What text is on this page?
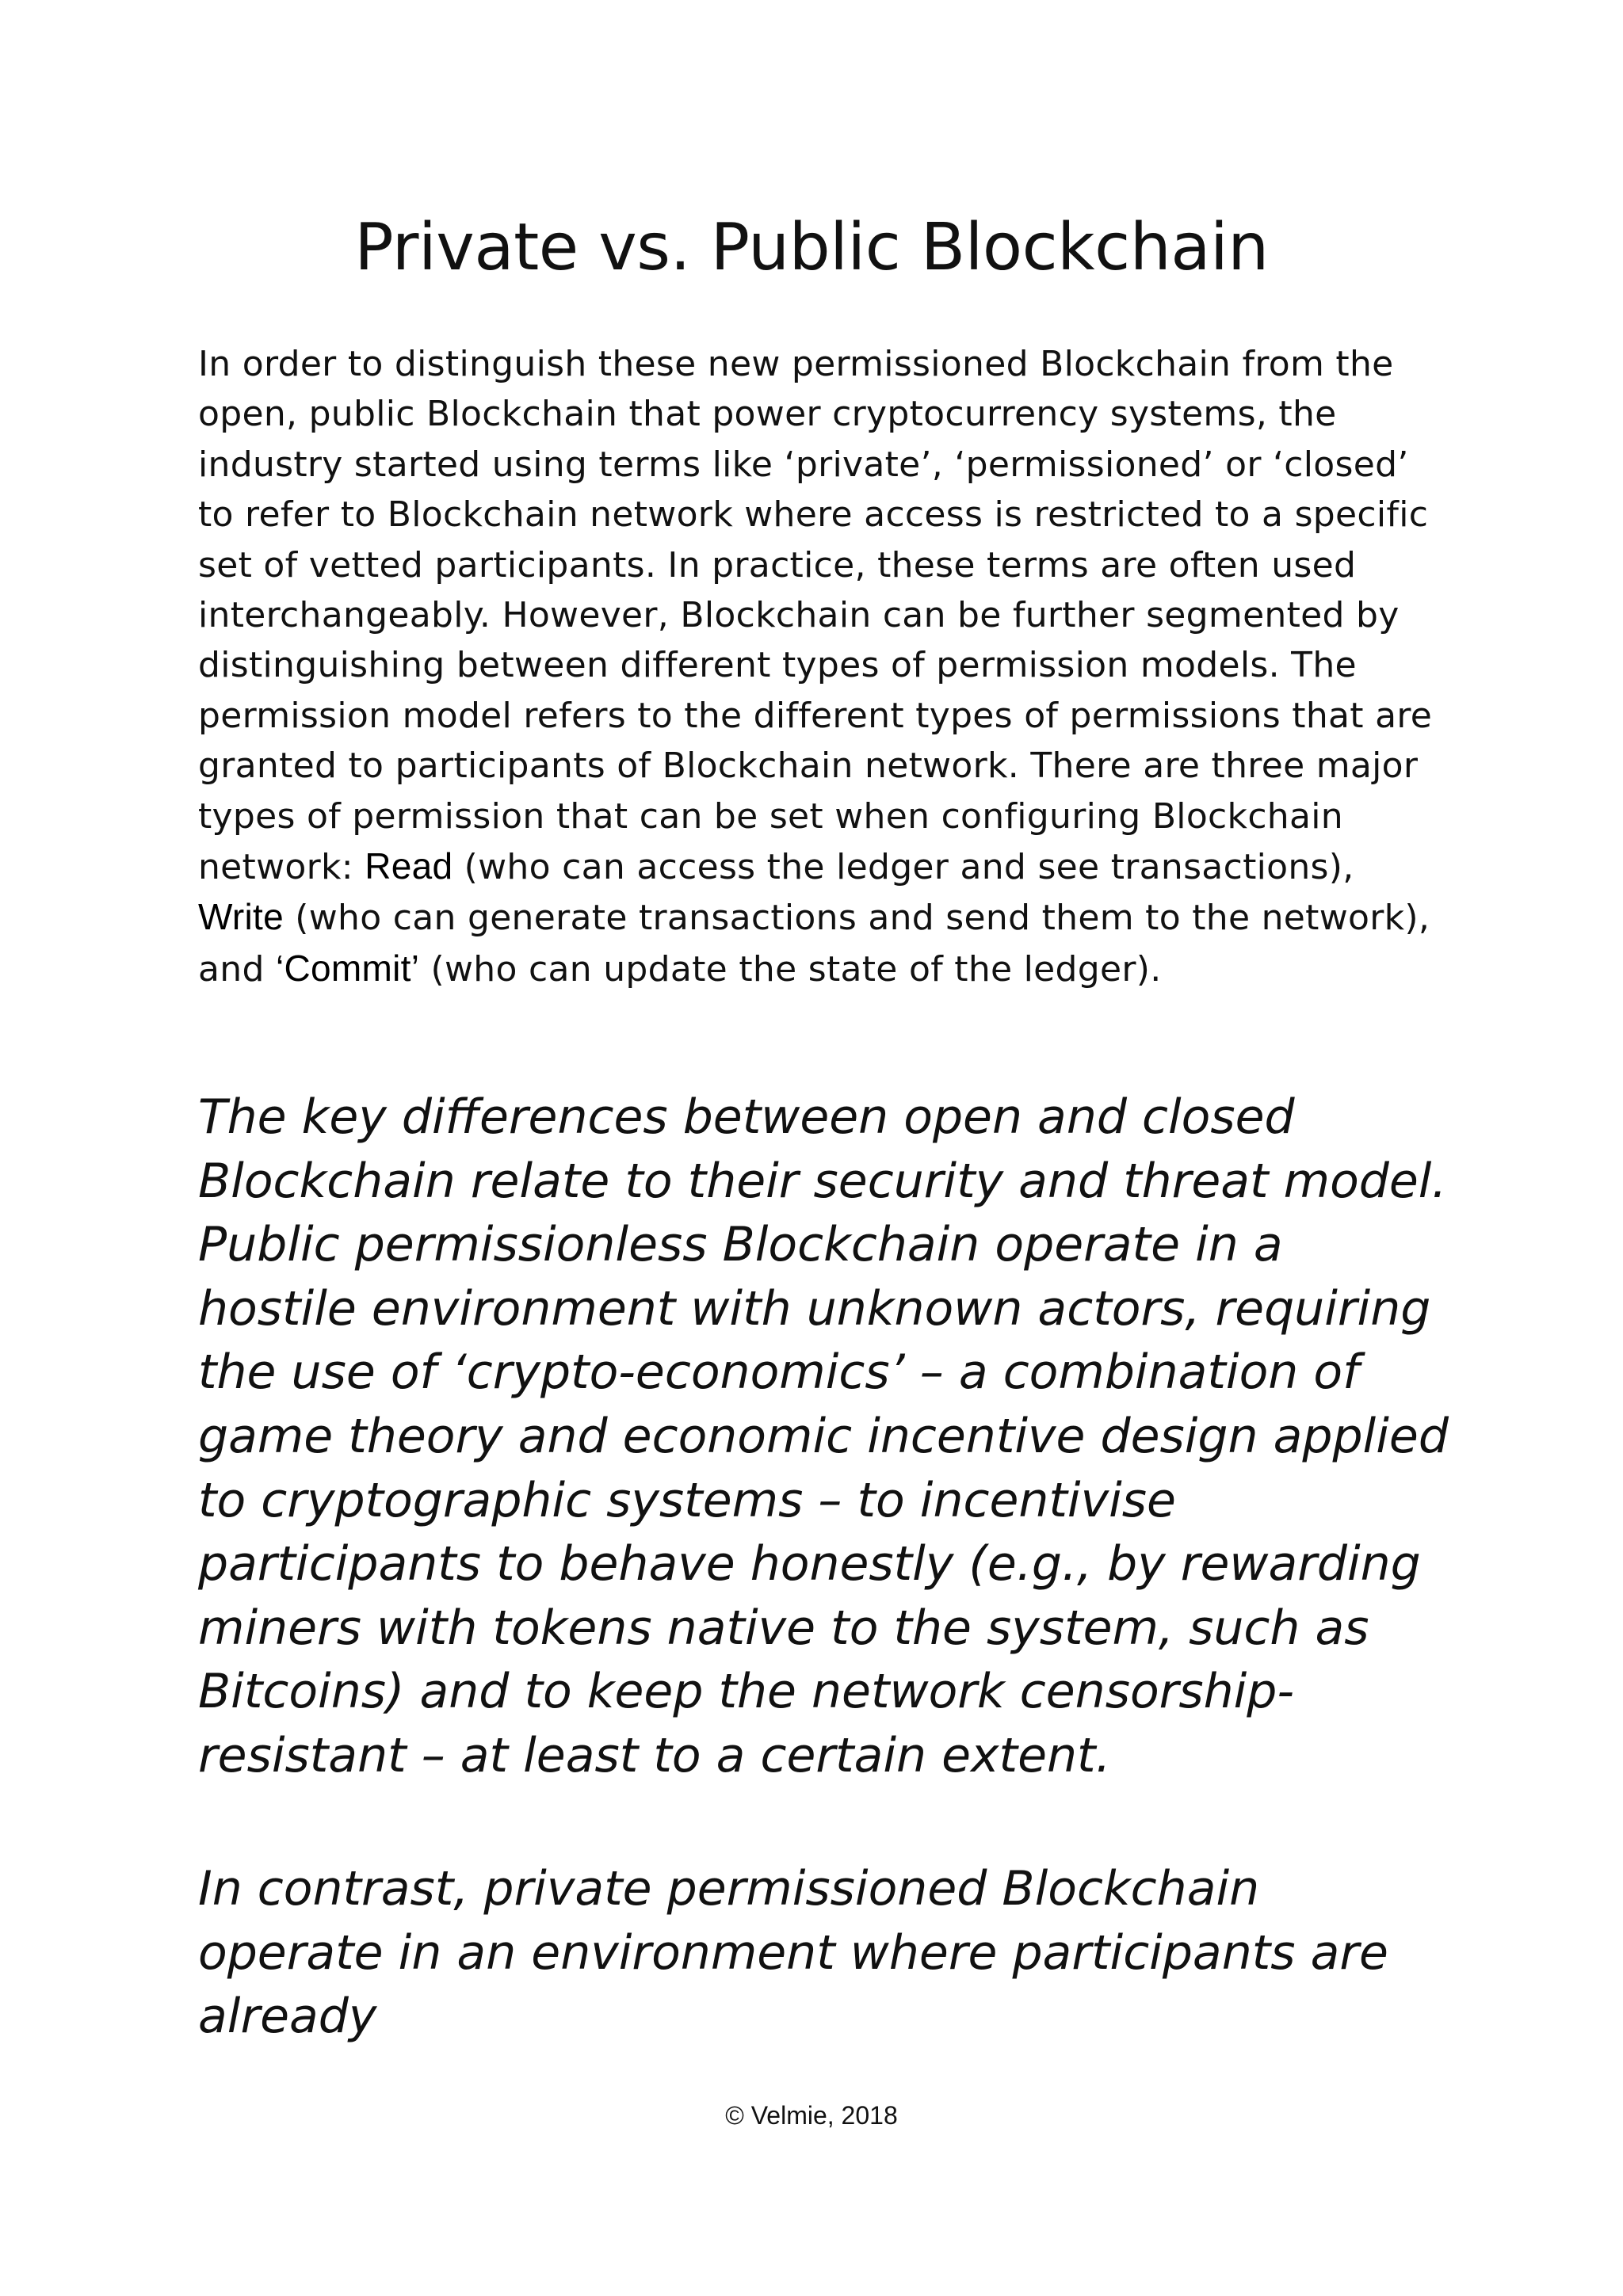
Private vs. Public Blockchain

In order to distinguish these new permissioned Blockchain from the open, public Blockchain that power cryptocurrency systems, the industry started using terms like ‘private’, ‘permissioned’ or ‘closed’ to refer to Blockchain network where access is restricted to a specific set of vetted participants. In practice, these terms are often used interchangeably. However, Blockchain can be further segmented by distinguishing between different types of permission models. The permission model refers to the different types of permissions that are granted to participants of Blockchain network. There are three major types of permission that can be set when configuring Blockchain network: Read (who can access the ledger and see transactions), Write (who can generate transactions and send them to the network), and ‘Commit’ (who can update the state of the ledger).

The key differences between open and closed Blockchain relate to their security and threat model. Public permissionless Blockchain operate in a hostile environment with unknown actors, requiring the use of ‘crypto-economics’ – a combination of game theory and economic incentive design applied to cryptographic systems – to incentivise participants to behave honestly (e.g., by rewarding miners with tokens native to the system, such as Bitcoins) and to keep the network censorship-resistant – at least to a certain extent.

In contrast, private permissioned Blockchain operate in an environment where participants are already

© Velmie, 2018
